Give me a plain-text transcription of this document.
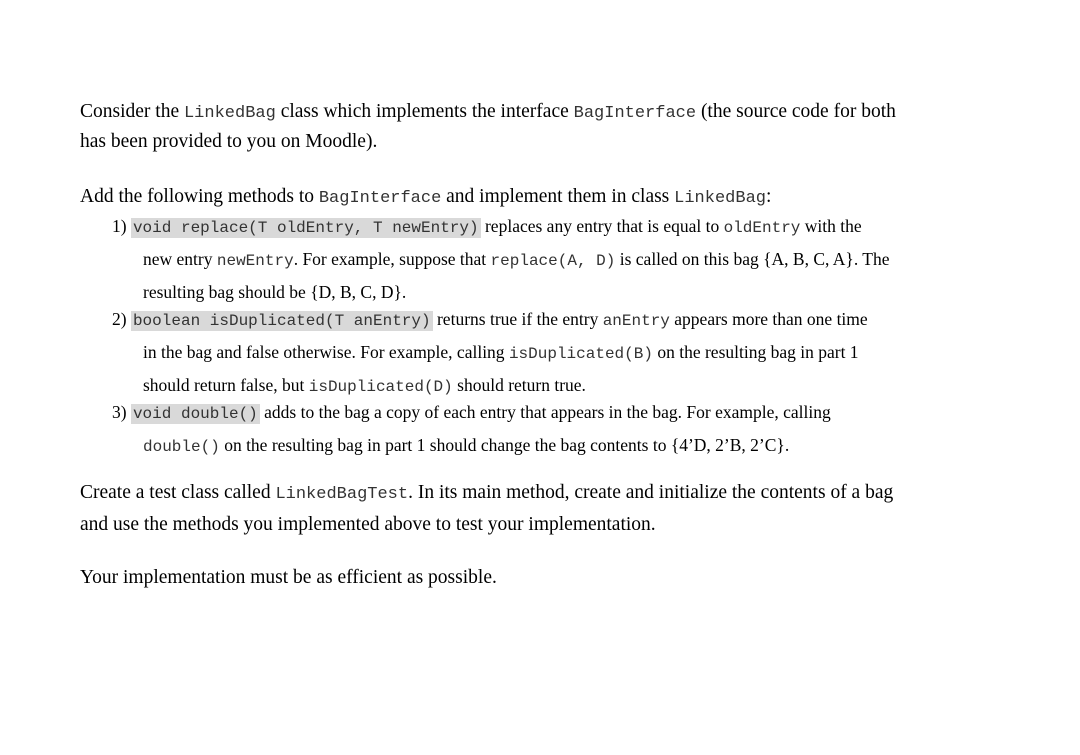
Consider the LinkedBag class which implements the interface BagInterface (the source code for both
has been provided to you on Moodle).
Add the following methods to BagInterface and implement them in class LinkedBag:
1) void replace(T oldEntry, T newEntry) replaces any entry that is equal to oldEntry with the
new entry newEntry. For example, suppose that replace(A, D) is called on this bag {A, B, C, A}. The
resulting bag should be {D, B, C, D}.
2) boolean isDuplicated(T anEntry) returns true if the entry anEntry appears more than one time
in the bag and false otherwise. For example, calling isDuplicated(B) on the resulting bag in part 1
should return false, but isDuplicated(D) should return true.
3) void double() adds to the bag a copy of each entry that appears in the bag. For example, calling
double() on the resulting bag in part 1 should change the bag contents to {4’D, 2’B, 2’C}.
Create a test class called LinkedBagTest. In its main method, create and initialize the contents of a bag
and use the methods you implemented above to test your implementation.
Your implementation must be as efficient as possible.
